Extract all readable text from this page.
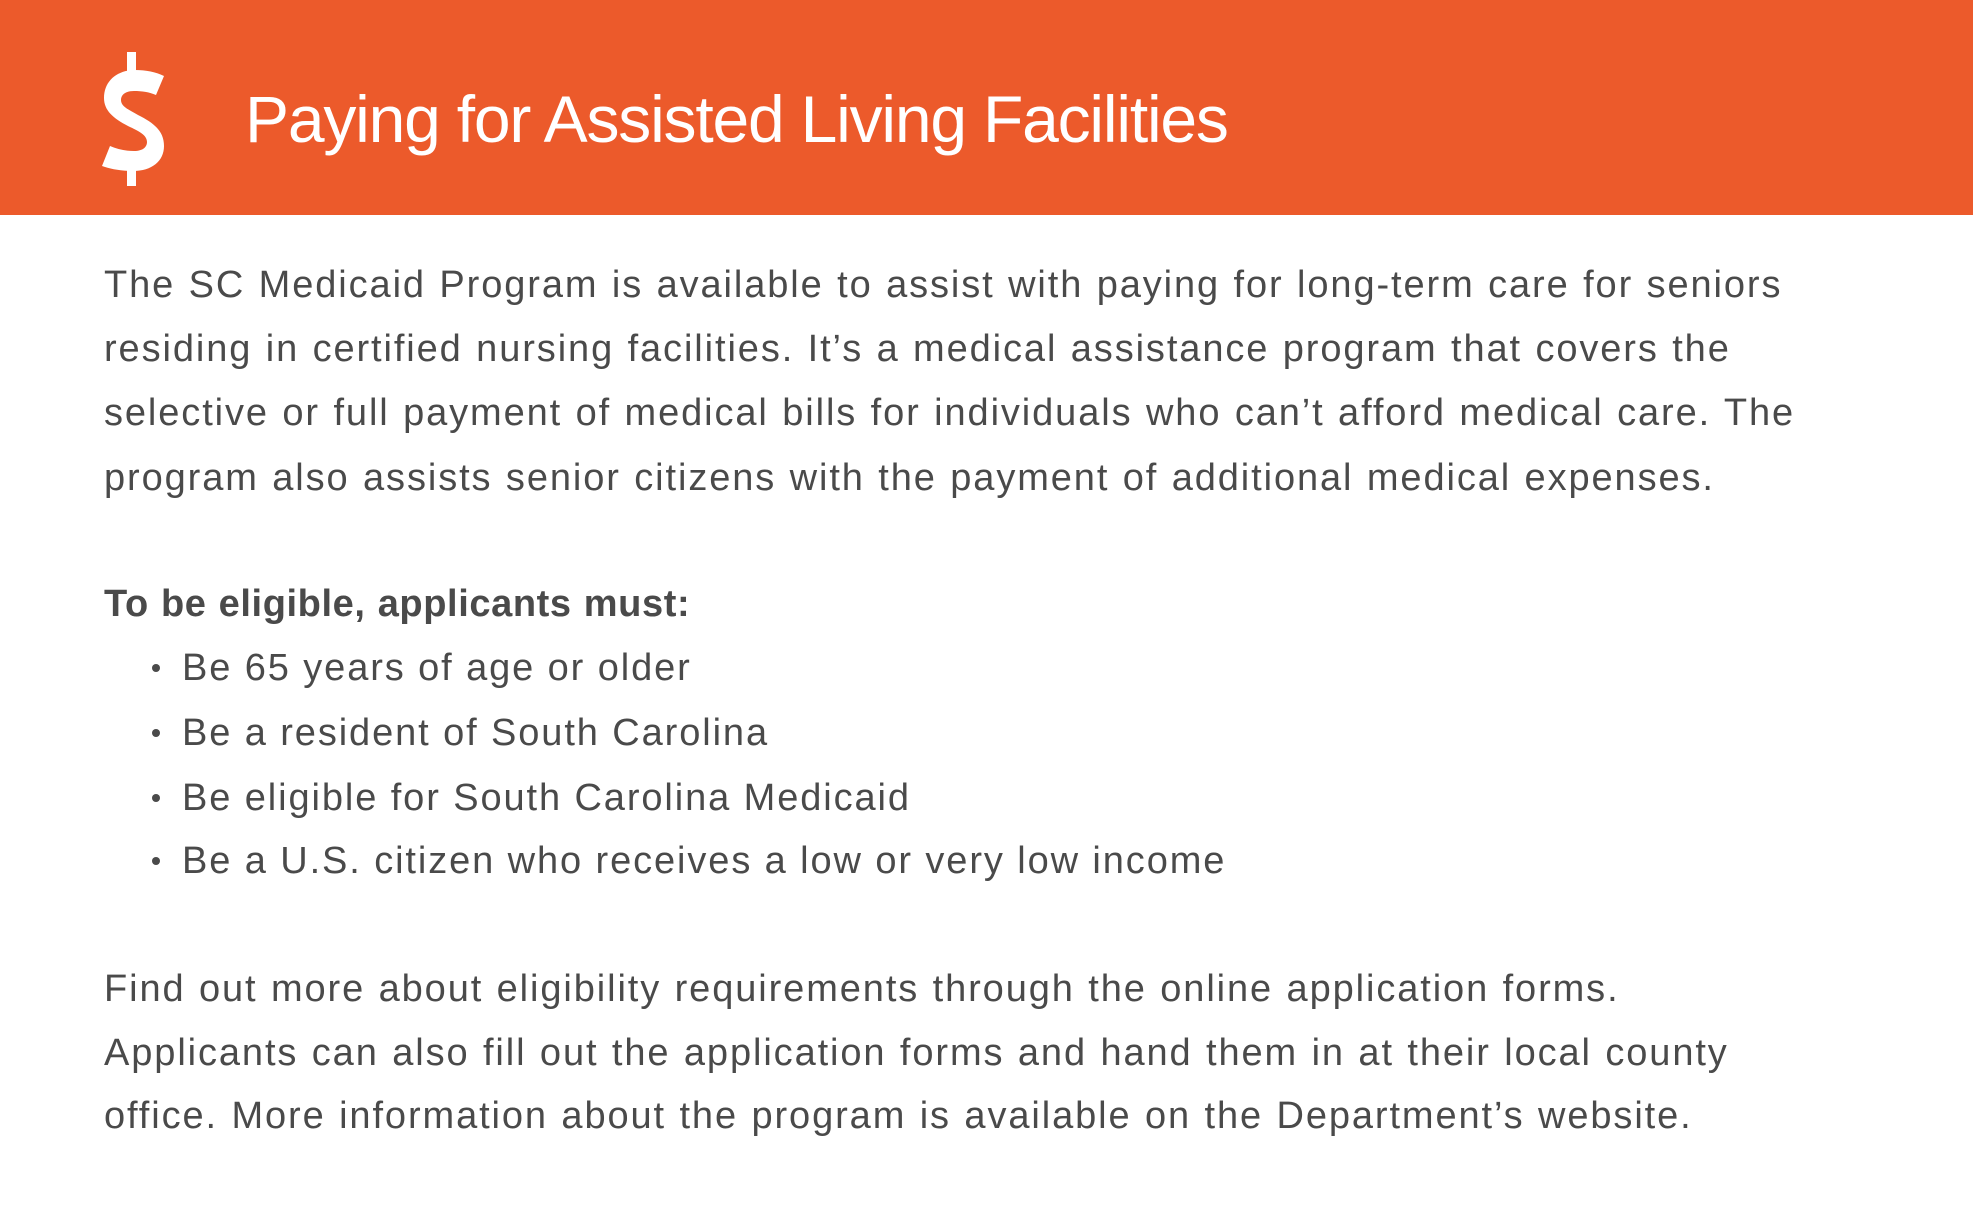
Paying for Assisted Living Facilities
The SC Medicaid Program is available to assist with paying for long-term care for seniors
residing in certified nursing facilities. It’s a medical assistance program that covers the
selective or full payment of medical bills for individuals who can’t afford medical care. The
program also assists senior citizens with the payment of additional medical expenses.
To be eligible, applicants must:
Be 65 years of age or older
Be a resident of South Carolina
Be eligible for South Carolina Medicaid
Be a U.S. citizen who receives a low or very low income
Find out more about eligibility requirements through the online application forms.
Applicants can also fill out the application forms and hand them in at their local county
office. More information about the program is available on the Department’s website.
